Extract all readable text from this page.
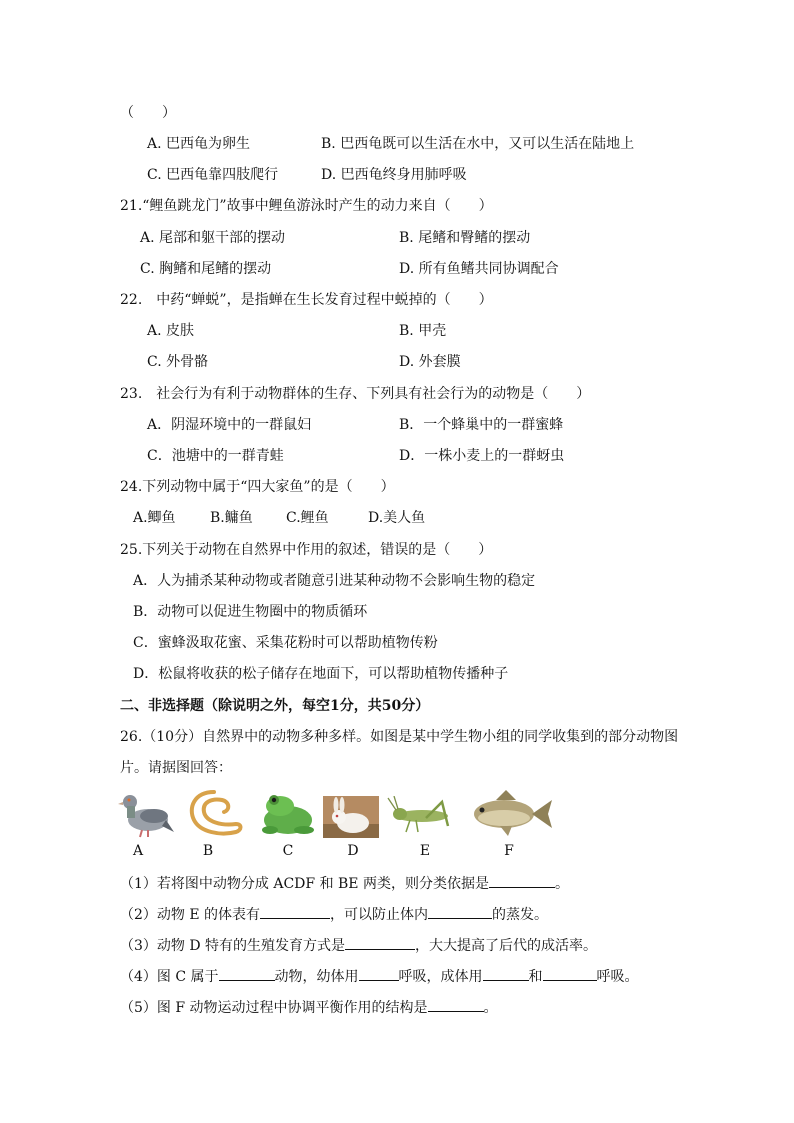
（　　）
A. 巴西龟为卵生	B. 巴西龟既可以生活在水中，又可以生活在陆地上
C. 巴西龟靠四肢爬行	D. 巴西龟终身用肺呼吸
21.“鲤鱼跳龙门”故事中鲤鱼游泳时产生的动力来自（　　）
A. 尾部和躯干部的摆动	B. 尾鳍和臀鳍的摆动
C. 胸鳍和尾鳍的摆动	D. 所有鱼鳍共同协调配合
22.　中药“蝉蜕”，是指蝉在生长发育过程中蜕掉的（　　）
A. 皮肤	B. 甲壳
C. 外骨骼	D. 外套膜
23.　社会行为有利于动物群体的生存、下列具有社会行为的动物是（　　）
A．阴湿环境中的一群鼠妇	B．一个蜂巢中的一群蜜蜂
C．池塘中的一群青蛙	D．一株小麦上的一群蚜虫
24.下列动物中属于“四大家鱼”的是（　　）
A.鲫鱼 B.鳙鱼 C.鲤鱼	D.美人鱼
25.下列关于动物在自然界中作用的叙述，错误的是（　　）
A．人为捕杀某种动物或者随意引进某种动物不会影响生物的稳定
B．动物可以促进生物圈中的物质循环
C．蜜蜂汲取花蜜、采集花粉时可以帮助植物传粉
D．松鼠将收获的松子储存在地面下，可以帮助植物传播种子
二、非选择题（除说明之外，每空1分，共50分）
26.（10分）自然界中的动物多种多样。如图是某中学生物小组的同学收集到的部分动物图
片。请据图回答：
A	B	C	D	E	F
（1）若将图中动物分成 ACDF 和 BE 两类，则分类依据是	。
（2）动物 E 的体表有	，可以防止体内	的蒸发。
（3）动物 D 特有的生殖发育方式是	，大大提高了后代的成活率。
（4）图 C 属于	动物，幼体用	呼吸，成体用	和	呼吸。
（5）图 F 动物运动过程中协调平衡作用的结构是	。
